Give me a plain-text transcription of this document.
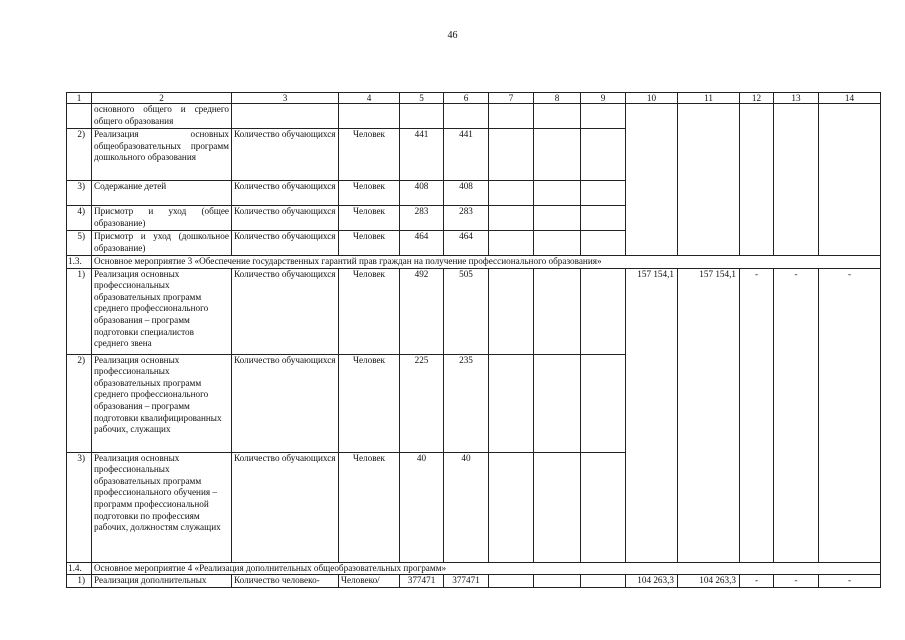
46
1	2	3	4	5	6	7	8	9	10	11	12	13	14
	основного общего и среднего общего образования												
2)	Реализация основных общеобразовательных программ дошкольного образования	Количество обучающихся	Человек	441	441								
3)	Содержание детей	Количество обучающихся	Человек	408	408								
4)	Присмотр и уход (общее образование)	Количество обучающихся	Человек	283	283								
5)	Присмотр и уход (дошкольное образование)	Количество обучающихся	Человек	464	464								
1.3.	Основное мероприятие 3 «Обеспечение государственных гарантий прав граждан на получение профессионального образования»												
1)	Реализация основных профессиональных образовательных программ среднего профессионального образования – программ подготовки специалистов среднего звена	Количество обучающихся	Человек	492	505				157 154,1	157 154,1	-	-	-
2)	Реализация основных профессиональных образовательных программ среднего профессионального образования – программ подготовки квалифицированных рабочих, служащих	Количество обучающихся	Человек	225	235								
3)	Реализация основных профессиональных образовательных программ профессионального обучения – программ профессиональной подготовки по профессиям рабочих, должностям служащих	Количество обучающихся	Человек	40	40								
1.4.	Основное мероприятие 4 «Реализация дополнительных общеобразовательных программ»												
1)	Реализация дополнительных	Количество человеко-	Человеко/	377471	377471				104 263,3	104 263,3	-	-	-
